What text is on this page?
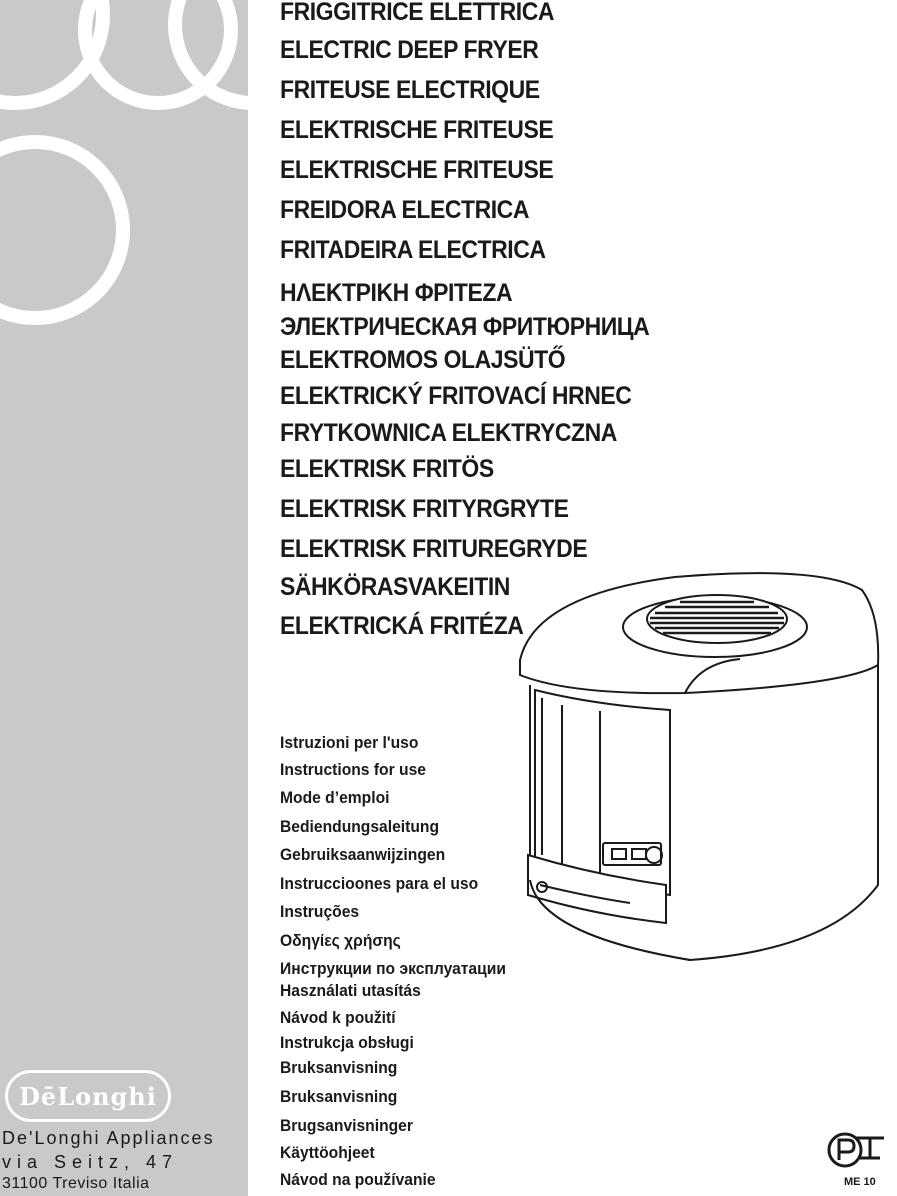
DēLonghi
De'Longhi Appliances
via Seitz, 47
31100 Treviso Italia
FRIGGITRICE ELETTRICA
ELECTRIC DEEP FRYER
FRITEUSE ELECTRIQUE
ELEKTRISCHE FRITEUSE
ELEKTRISCHE FRITEUSE
FREIDORA ELECTRICA
FRITADEIRA ELECTRICA
ΗΛΕΚΤΡΙΚΗ ΦΡΙΤΕΖΑ
ЭЛЕКТРИЧЕСКАЯ ФРИТЮРНИЦА
ELEKTROMOS OLAJSÜTŐ
ELEKTRICKÝ FRITOVACÍ HRNEC
FRYTKOWNICA ELEKTRYCZNA
ELEKTRISK FRITÖS
ELEKTRISK FRITYRGRYTE
ELEKTRISK FRITUREGRYDE
SÄHKÖRASVAKEITIN
ELEKTRICKÁ FRITÉZA
Istruzioni per l'uso
Instructions for use
Mode d’emploi
Bediendungsaleitung
Gebruiksaanwijzingen
Instruccioones para el uso
Instruções
Οδηγίες χρήσης
Инструкции по эксплуатации
Használati utasítás
Návod k použití
Instrukcja obsługi
Bruksanvisning
Bruksanvisning
Brugsanvisninger
Käyttöohjeet
Návod na používanie	ME 10
